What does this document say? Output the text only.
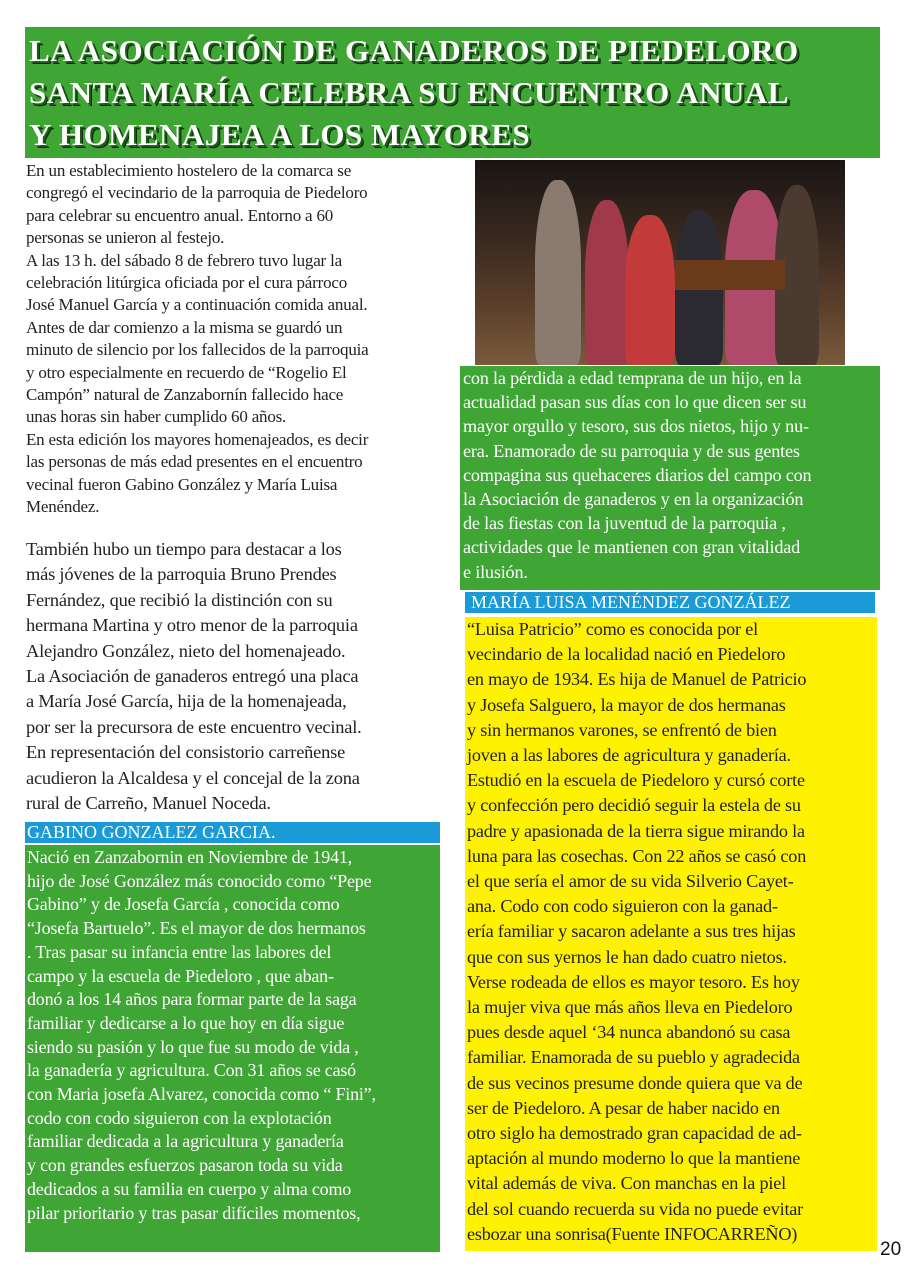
LA ASOCIACIÓN DE GANADEROS DE PIEDELORO
SANTA MARÍA CELEBRA SU ENCUENTRO ANUAL
Y HOMENAJEA A LOS MAYORES
En un establecimiento hostelero de la comarca se
congregó el vecindario de la parroquia de Piedeloro
para celebrar su encuentro anual. Entorno a 60
personas se unieron al festejo.
A las 13 h. del sábado 8 de febrero tuvo lugar la
celebración litúrgica oficiada por el cura párroco
José Manuel García y a continuación comida anual.
Antes de dar comienzo a la misma se guardó un
minuto de silencio por los fallecidos de la parroquia
y otro especialmente en recuerdo de “Rogelio El
Campón” natural de Zanzabornín fallecido hace
unas horas sin haber cumplido 60 años.
En esta edición los mayores homenajeados, es decir
las personas de más edad presentes en el encuentro
vecinal fueron Gabino González y María Luisa
Menéndez.
También hubo un tiempo para destacar a los
más jóvenes de la parroquia Bruno Prendes
Fernández, que recibió la distinción con su
hermana Martina y otro menor de la parroquia
Alejandro González, nieto del homenajeado.
La Asociación de ganaderos entregó una placa
a María José García, hija de la homenajeada,
por ser la precursora de este encuentro vecinal.
En representación del consistorio carreñense
acudieron la Alcaldesa y el concejal de la zona
rural de Carreño, Manuel Noceda.
GABINO GONZALEZ GARCIA.
Nació en Zanzabornin en Noviembre de 1941,
hijo de José González más conocido como “Pepe
Gabino” y de Josefa García , conocida como
“Josefa Bartuelo”. Es el mayor de dos hermanos
. Tras pasar su infancia entre las labores del
campo y la escuela de Piedeloro , que aban-
donó a los 14 años para formar parte de la saga
familiar y dedicarse a lo que hoy en día sigue
siendo su pasión y lo que fue su modo de vida ,
la ganadería y agricultura. Con 31 años se casó
con Maria josefa Alvarez, conocida como “ Fini”,
codo con codo siguieron con la explotación
familiar dedicada a la agricultura y ganadería
y con grandes esfuerzos pasaron toda su vida
dedicados a su familia en cuerpo y alma como
pilar prioritario y tras pasar difíciles momentos,
con la pérdida a edad temprana de un hijo, en la
actualidad pasan sus días con lo que dicen ser su
mayor orgullo y tesoro, sus dos nietos, hijo y nu-
era. Enamorado de su parroquia y de sus gentes
compagina sus quehaceres diarios del campo con
la Asociación de ganaderos y en la organización
de las fiestas con la juventud de la parroquia ,
actividades que le mantienen con gran vitalidad
e ilusión.
MARÍA LUISA MENÉNDEZ GONZÁLEZ
“Luisa Patricio” como es conocida por el
vecindario de la localidad nació en Piedeloro
en mayo de 1934. Es hija de Manuel de Patricio
y Josefa Salguero, la mayor de dos hermanas
y sin hermanos varones, se enfrentó de bien
joven a las labores de agricultura y ganadería.
Estudió en la escuela de Piedeloro y cursó corte
y confección pero decidió seguir la estela de su
padre y apasionada de la tierra sigue mirando la
luna para las cosechas. Con 22 años se casó con
el que sería el amor de su vida Silverio Cayet-
ana. Codo con codo siguieron con la ganad-
ería familiar y sacaron adelante a sus tres hijas
que con sus yernos le han dado cuatro nietos.
Verse rodeada de ellos es mayor tesoro. Es hoy
la mujer viva que más años lleva en Piedeloro
pues desde aquel ‘34 nunca abandonó su casa
familiar. Enamorada de su pueblo y agradecida
de sus vecinos presume donde quiera que va de
ser de Piedeloro. A pesar de haber nacido en
otro siglo ha demostrado gran capacidad de ad-
aptación al mundo moderno lo que la mantiene
vital además de viva. Con manchas en la piel
del sol cuando recuerda su vida no puede evitar
esbozar una sonrisa(Fuente INFOCARREÑO)
20
